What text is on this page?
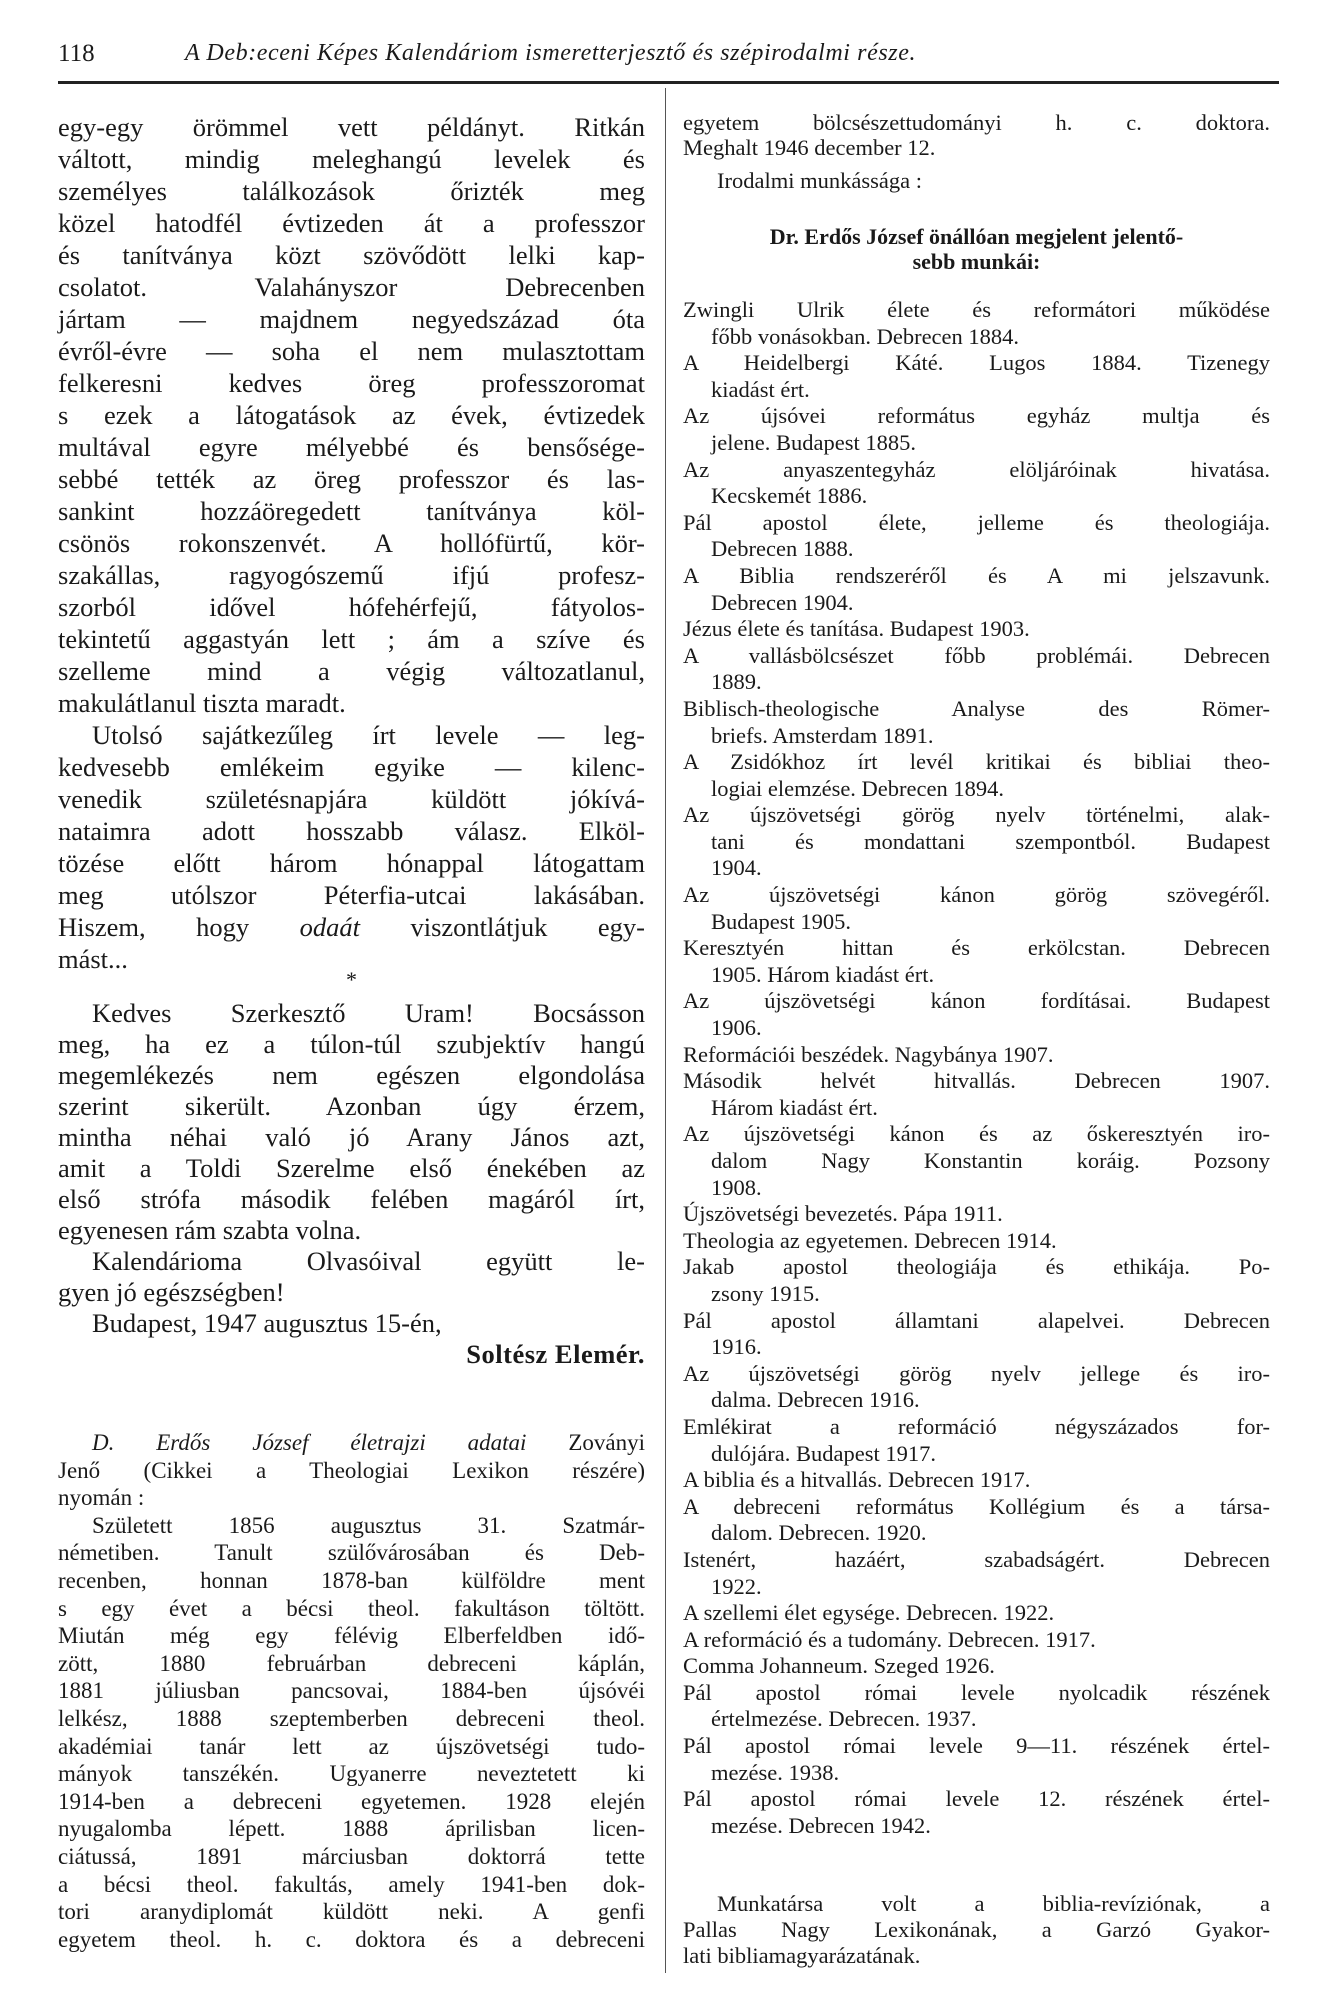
118	A Deb:eceni Képes Kalendáriom ismeretterjesztő és szépirodalmi része.
egy-egy örömmel vett példányt. Ritkán
váltott, mindig meleghangú levelek és
személyes találkozások őrizték meg
közel hatodfél évtizeden át a professzor
és tanítványa közt szövődött lelki kap-
csolatot. Valahányszor Debrecenben
jártam — majdnem negyedszázad óta
évről-évre — soha el nem mulasztottam
felkeresni kedves öreg professzoromat
s ezek a látogatások az évek, évtizedek
multával egyre mélyebbé és bensősége-
sebbé tették az öreg professzor és las-
sankint hozzáöregedett tanítványa köl-
csönös rokonszenvét. A hollófürtű, kör-
szakállas, ragyogószemű ifjú profesz-
szorból idővel hófehérfejű, fátyolos-
tekintetű aggastyán lett ; ám a szíve és
szelleme mind a végig változatlanul,
makulátlanul tiszta maradt.
Utolsó sajátkezűleg írt levele — leg-
kedvesebb emlékeim egyike — kilenc-
venedik születésnapjára küldött jókívá-
nataimra adott hosszabb válasz. Elköl-
tözése előtt három hónappal látogattam
meg utólszor Péterfia-utcai lakásában.
Hiszem, hogy odaát viszontlátjuk egy-
mást...
*
Kedves Szerkesztő Uram! Bocsásson
meg, ha ez a túlon-túl szubjektív hangú
megemlékezés nem egészen elgondolása
szerint sikerült. Azonban úgy érzem,
mintha néhai való jó Arany János azt,
amit a Toldi Szerelme első énekében az
első strófa második felében magáról írt,
egyenesen rám szabta volna.
Kalendárioma Olvasóival együtt le-
gyen jó egészségben!
Budapest, 1947 augusztus 15-én,
Soltész Elemér.
D. Erdős József életrajzi adatai Zoványi
Jenő (Cikkei a Theologiai Lexikon részére)
nyomán :
Született 1856 augusztus 31. Szatmár-
németiben. Tanult szülővárosában és Deb-
recenben, honnan 1878-ban külföldre ment
s egy évet a bécsi theol. fakultáson töltött.
Miután még egy félévig Elberfeldben idő-
zött, 1880 februárban debreceni káplán,
1881 júliusban pancsovai, 1884-ben újsóvéi
lelkész, 1888 szeptemberben debreceni theol.
akadémiai tanár lett az újszövetségi tudo-
mányok tanszékén. Ugyanerre neveztetett ki
1914-ben a debreceni egyetemen. 1928 elején
nyugalomba lépett. 1888 áprilisban licen-
ciátussá, 1891 márciusban doktorrá tette
a bécsi theol. fakultás, amely 1941-ben dok-
tori aranydiplomát küldött neki. A genfi
egyetem theol. h. c. doktora és a debreceni
egyetem bölcsészettudományi h. c. doktora.
Meghalt 1946 december 12.
Irodalmi munkássága :
Dr. Erdős József önállóan megjelent jelentő-
sebb munkái:
Zwingli Ulrik élete és reformátori működése
főbb vonásokban. Debrecen 1884.
A Heidelbergi Káté. Lugos 1884. Tizenegy
kiadást ért.
Az újsóvei református egyház multja és
jelene. Budapest 1885.
Az anyaszentegyház elöljáróinak hivatása.
Kecskemét 1886.
Pál apostol élete, jelleme és theologiája.
Debrecen 1888.
A Biblia rendszeréről és A mi jelszavunk.
Debrecen 1904.
Jézus élete és tanítása. Budapest 1903.
A vallásbölcsészet főbb problémái. Debrecen
1889.
Biblisch-theologische Analyse des Römer-
briefs. Amsterdam 1891.
A Zsidókhoz írt levél kritikai és bibliai theo-
logiai elemzése. Debrecen 1894.
Az újszövetségi görög nyelv történelmi, alak-
tani és mondattani szempontból. Budapest
1904.
Az újszövetségi kánon görög szövegéről.
Budapest 1905.
Keresztyén hittan és erkölcstan. Debrecen
1905. Három kiadást ért.
Az újszövetségi kánon fordításai. Budapest
1906.
Reformációi beszédek. Nagybánya 1907.
Második helvét hitvallás. Debrecen 1907.
Három kiadást ért.
Az újszövetségi kánon és az őskeresztyén iro-
dalom Nagy Konstantin koráig. Pozsony
1908.
Újszövetségi bevezetés. Pápa 1911.
Theologia az egyetemen. Debrecen 1914.
Jakab apostol theologiája és ethikája. Po-
zsony 1915.
Pál apostol államtani alapelvei. Debrecen
1916.
Az újszövetségi görög nyelv jellege és iro-
dalma. Debrecen 1916.
Emlékirat a reformáció négyszázados for-
dulójára. Budapest 1917.
A biblia és a hitvallás. Debrecen 1917.
A debreceni református Kollégium és a társa-
dalom. Debrecen. 1920.
Istenért, hazáért, szabadságért. Debrecen
1922.
A szellemi élet egysége. Debrecen. 1922.
A reformáció és a tudomány. Debrecen. 1917.
Comma Johanneum. Szeged 1926.
Pál apostol római levele nyolcadik részének
értelmezése. Debrecen. 1937.
Pál apostol római levele 9—11. részének értel-
mezése. 1938.
Pál apostol római levele 12. részének értel-
mezése. Debrecen 1942.
Munkatársa volt a biblia-revíziónak, a
Pallas Nagy Lexikonának, a Garzó Gyakor-
lati bibliamagyarázatának.
